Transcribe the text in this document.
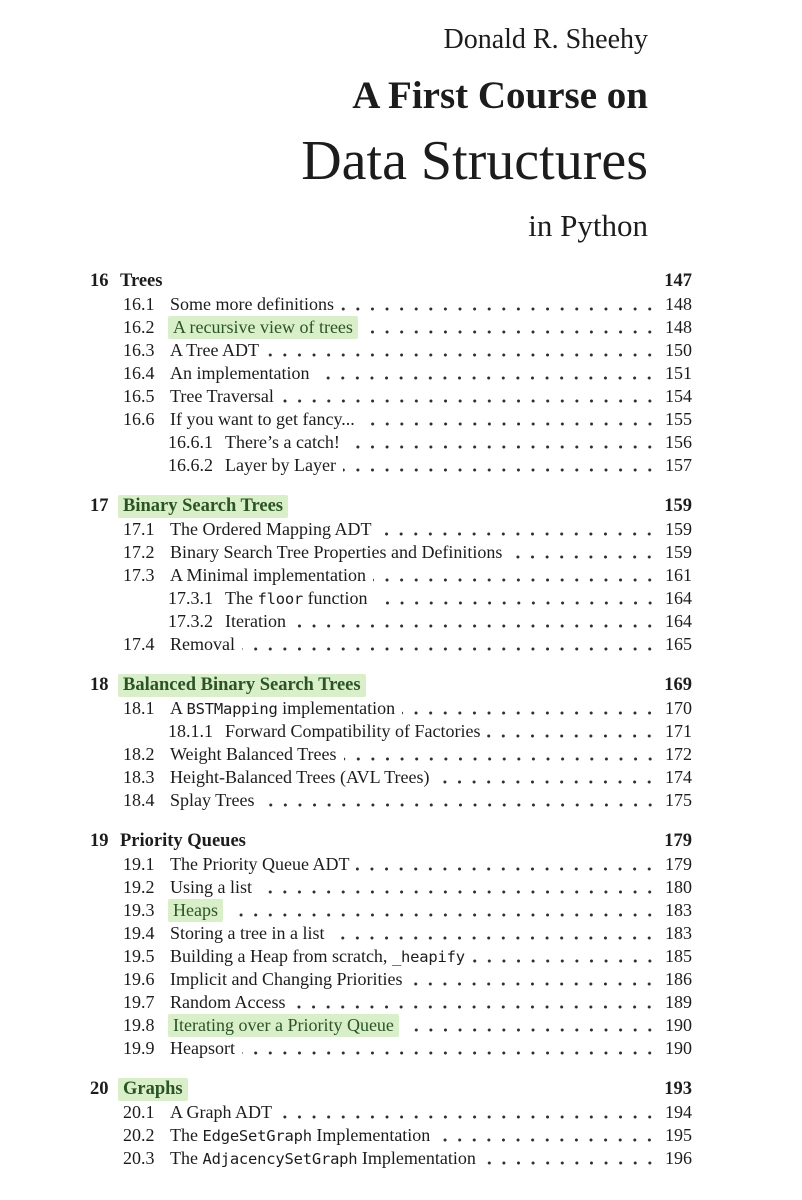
Donald R. Sheehy
A First Course on
Data Structures
in Python
16 Trees	147
16.1 Some more definitions	148
16.2	A recursive view of trees	148
16.3 A Tree ADT	150
16.4 An implementation	151
16.5 Tree Traversal	154
16.6 If you want to get fancy...	155
16.6.1 There’s a catch!	156
16.6.2 Layer by Layer	157
17 Binary Search Trees	159
17.1 The Ordered Mapping ADT	159
17.2 Binary Search Tree Properties and Definitions	159
17.3 A Minimal implementation	161
17.3.1 The floor function	164
17.3.2 Iteration	164
17.4 Removal	165
18 Balanced Binary Search Trees	169
18.1 A BSTMapping implementation	170
18.1.1 Forward Compatibility of Factories	171
18.2 Weight Balanced Trees	172
18.3 Height-Balanced Trees (AVL Trees)	174
18.4 Splay Trees	175
19 Priority Queues	179
19.1 The Priority Queue ADT	179
19.2 Using a list	180
19.3	Heaps	183
19.4 Storing a tree in a list	183
19.5 Building a Heap from scratch, _heapify	185
19.6 Implicit and Changing Priorities	186
19.7 Random Access	189
19.8	Iterating over a Priority Queue	190
19.9 Heapsort	190
20 Graphs	193
20.1 A Graph ADT	194
20.2 The EdgeSetGraph Implementation	195
20.3 The AdjacencySetGraph Implementation	196
